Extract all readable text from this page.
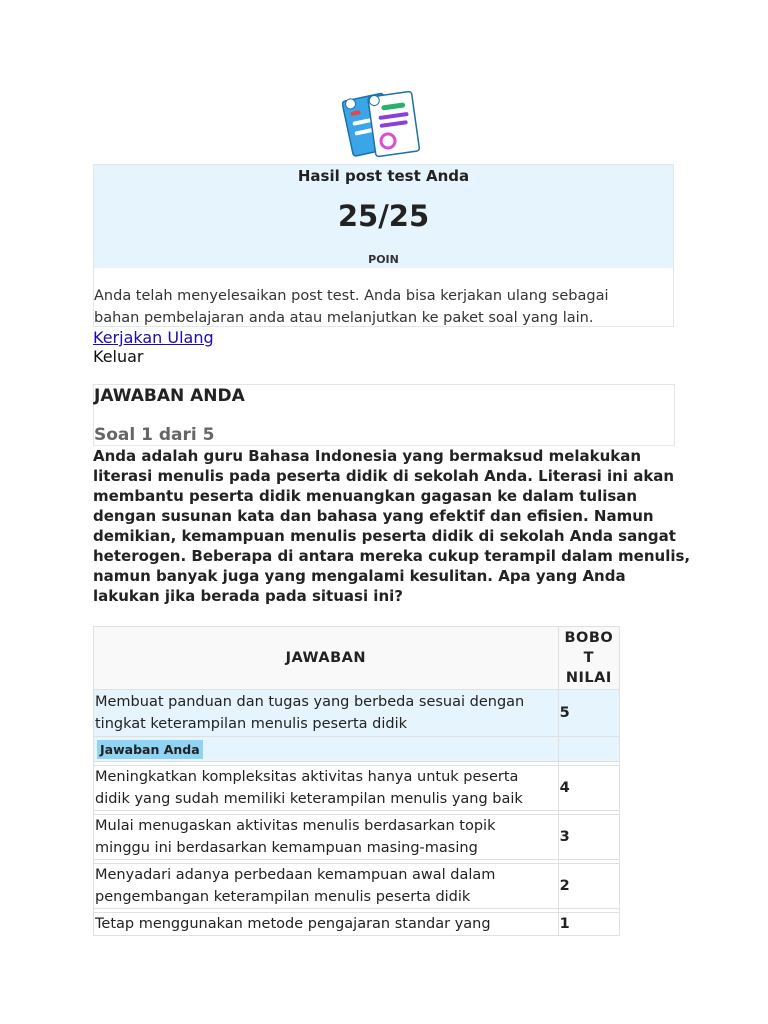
Hasil post test Anda
25/25
POIN
Anda telah menyelesaikan post test. Anda bisa kerjakan ulang sebagai bahan pembelajaran anda atau melanjutkan ke paket soal yang lain.
Kerjakan Ulang
Keluar
JAWABAN ANDA
Soal 1 dari 5
Anda adalah guru Bahasa Indonesia yang bermaksud melakukan literasi menulis pada peserta didik di sekolah Anda. Literasi ini akan membantu peserta didik menuangkan gagasan ke dalam tulisan dengan susunan kata dan bahasa yang efektif dan efisien. Namun demikian, kemampuan menulis peserta didik di sekolah Anda sangat heterogen. Beberapa di antara mereka cukup terampil dalam menulis, namun banyak juga yang mengalami kesulitan. Apa yang Anda lakukan jika berada pada situasi ini?
JAWABAN	BOBO
T
NILAI

Membuat panduan dan tugas yang berbeda sesuai dengan
tingkat keterampilan menulis peserta didik	5
Jawaban Anda	

Meningkatkan kompleksitas aktivitas hanya untuk peserta
didik yang sudah memiliki keterampilan menulis yang baik	4

Mulai menugaskan aktivitas menulis berdasarkan topik
minggu ini berdasarkan kemampuan masing-masing	3

Menyadari adanya perbedaan kemampuan awal dalam
pengembangan keterampilan menulis peserta didik	2

Tetap menggunakan metode pengajaran standar yang	1
